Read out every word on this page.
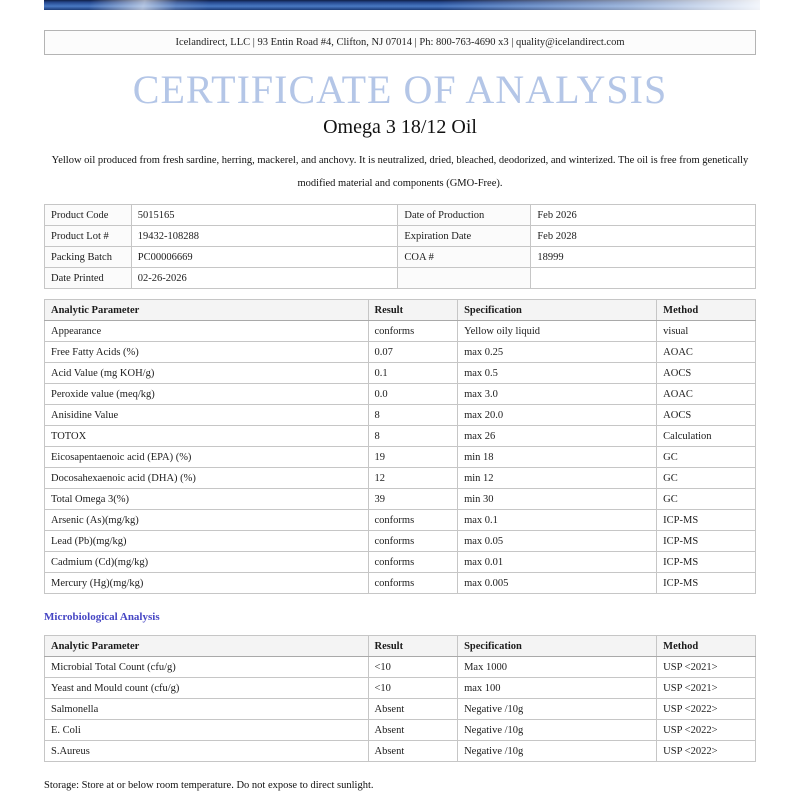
Icelandirect, LLC | 93 Entin Road #4, Clifton, NJ 07014 | Ph: 800-763-4690 x3 | quality@icelandirect.com
CERTIFICATE OF ANALYSIS
Omega 3 18/12 Oil

Yellow oil produced from fresh sardine, herring, mackerel, and anchovy. It is neutralized, dried, bleached, deodorized, and winterized. The oil is free from genetically modified material and components (GMO-Free).

Product Code	5015165	Date of Production	Feb 2026
Product Lot #	19432-108288	Expiration Date	Feb 2028
Packing Batch	PC00006669	COA #	18999
Date Printed	02-26-2026		
Analytic Parameter	Result	Specification	Method
Appearance	conforms	Yellow oily liquid	visual
Free Fatty Acids (%)	0.07	max 0.25	AOAC
Acid Value (mg KOH/g)	0.1	max 0.5	AOCS
Peroxide value (meq/kg)	0.0	max 3.0	AOAC
Anisidine Value	8	max 20.0	AOCS
TOTOX	8	max 26	Calculation
Eicosapentaenoic acid (EPA) (%)	19	min 18	GC
Docosahexaenoic acid (DHA) (%)	12	min 12	GC
Total Omega 3(%)	39	min 30	GC
Arsenic (As)(mg/kg)	conforms	max 0.1	ICP-MS
Lead (Pb)(mg/kg)	conforms	max 0.05	ICP-MS
Cadmium (Cd)(mg/kg)	conforms	max 0.01	ICP-MS
Mercury (Hg)(mg/kg)	conforms	max 0.005	ICP-MS
Microbiological Analysis
Analytic Parameter	Result	Specification	Method
Microbial Total Count (cfu/g)	<10	Max 1000	USP <2021>
Yeast and Mould count (cfu/g)	<10	max 100	USP <2021>
Salmonella	Absent	Negative /10g	USP <2022>
E. Coli	Absent	Negative /10g	USP <2022>
S.Aureus	Absent	Negative /10g	USP <2022>

Storage: Store at or below room temperature. Do not expose to direct sunlight.
